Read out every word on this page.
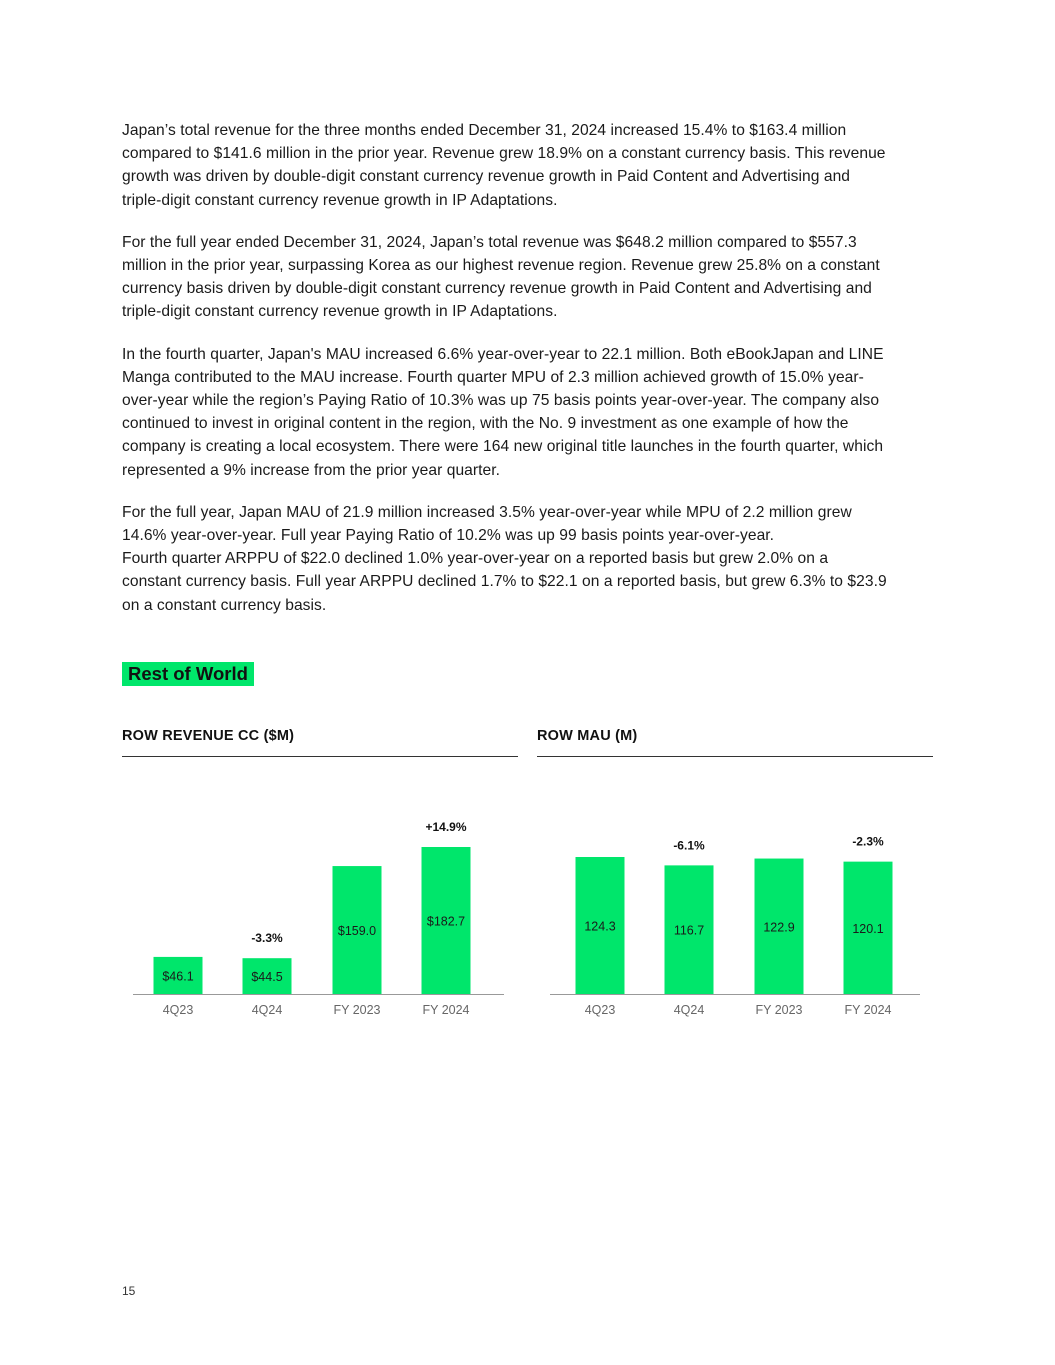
Japan’s total revenue for the three months ended December 31, 2024 increased 15.4% to $163.4 million
compared to $141.6 million in the prior year. Revenue grew 18.9% on a constant currency basis. This revenue
growth was driven by double-digit constant currency revenue growth in Paid Content and Advertising and
triple-digit constant currency revenue growth in IP Adaptations.

For the full year ended December 31, 2024, Japan’s total revenue was $648.2 million compared to $557.3
million in the prior year, surpassing Korea as our highest revenue region. Revenue grew 25.8% on a constant
currency basis driven by double-digit constant currency revenue growth in Paid Content and Advertising and
triple-digit constant currency revenue growth in IP Adaptations.

In the fourth quarter, Japan's MAU increased 6.6% year-over-year to 22.1 million. Both eBookJapan and LINE
Manga contributed to the MAU increase. Fourth quarter MPU of 2.3 million achieved growth of 15.0% year-
over-year while the region’s Paying Ratio of 10.3% was up 75 basis points year-over-year. The company also
continued to invest in original content in the region, with the No. 9 investment as one example of how the
company is creating a local ecosystem. There were 164 new original title launches in the fourth quarter, which
represented a 9% increase from the prior year quarter.

For the full year, Japan MAU of 21.9 million increased 3.5% year-over-year while MPU of 2.2 million grew
14.6% year-over-year. Full year Paying Ratio of 10.2% was up 99 basis points year-over-year.
Fourth quarter ARPPU of $22.0 declined 1.0% year-over-year on a reported basis but grew 2.0% on a
constant currency basis. Full year ARPPU declined 1.7% to $22.1 on a reported basis, but grew 6.3% to $23.9
on a constant currency basis.

Rest of World
ROW REVENUE CC ($M)
$46.1
4Q23
$44.5
-3.3%
4Q24
$159.0
FY 2023
$182.7
+14.9%
FY 2024
ROW MAU (M)
124.3
4Q23
116.7
-6.1%
4Q24
122.9
FY 2023
120.1
-2.3%
FY 2024
15
